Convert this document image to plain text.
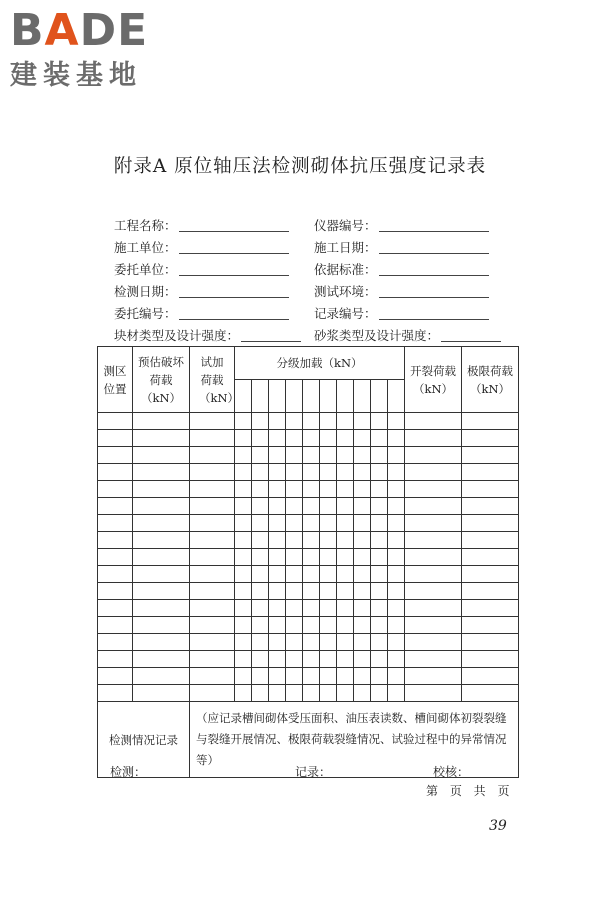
BADE
建装基地
附录A 原位轴压法检测砌体抗压强度记录表
工程名称：	仪器编号：
施工单位：	施工日期：
委托单位：	依据标准：
检测日期：	测试环境：
委托编号：	记录编号：
块材类型及设计强度：	砂浆类型及设计强度：
测区位置	预估破坏荷载（kN）	试加荷载（kN）	分级加载（kN）										开裂荷载（kN）	极限荷载（kN）

检测情况记录		（应记录槽间砌体受压面积、油压表读数、槽间砌体初裂裂缝与裂缝开展情况、极限荷载裂缝情况、试验过程中的异常情况等）												
检测：	记录：	校核：
第 页 共 页
39
